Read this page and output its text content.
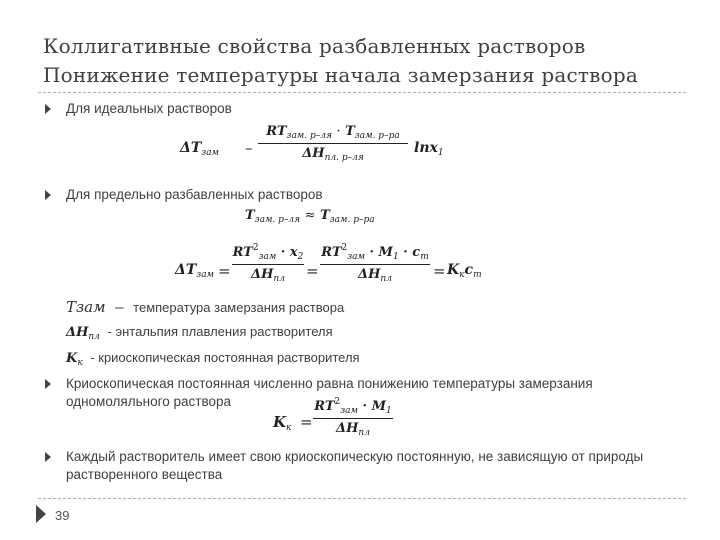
Коллигативные свойства разбавленных растворов
Понижение температуры начала замерзания раствора
Для идеальных растворов
$\Delta T_{зам}$ –
$RT_{зам. р-ля} \cdot T_{зам. р-ра}$
$\Delta H_{пл. р-ля}$
lnx$_1$
Для предельно разбавленных растворов
$T_{зам. р-ля} \approx T_{зам. р-ра}$
$\Delta T_{зам}$ =
$RT^2_{зам} \cdot x_2$
$\Delta H_{пл}$	=
$RT^2_{зам} \cdot M_1 \cdot c_m$
$\Delta H_{пл}$	= $K_кc_m$
Tзам – температура замерзания раствора
$\Delta H_{пл}$ - энтальпия плавления растворителя
$K_к$ - криоскопическая постоянная растворителя
Криоскопическая постоянная численно равна понижению температуры замерзания одномоляльного раствора
$K_к$ =
$RT^2_{зам} \cdot M_1$
$\Delta H_{пл}$
Каждый растворитель имеет свою криоскопическую постоянную, не зависящую от природы растворенного вещества
39
